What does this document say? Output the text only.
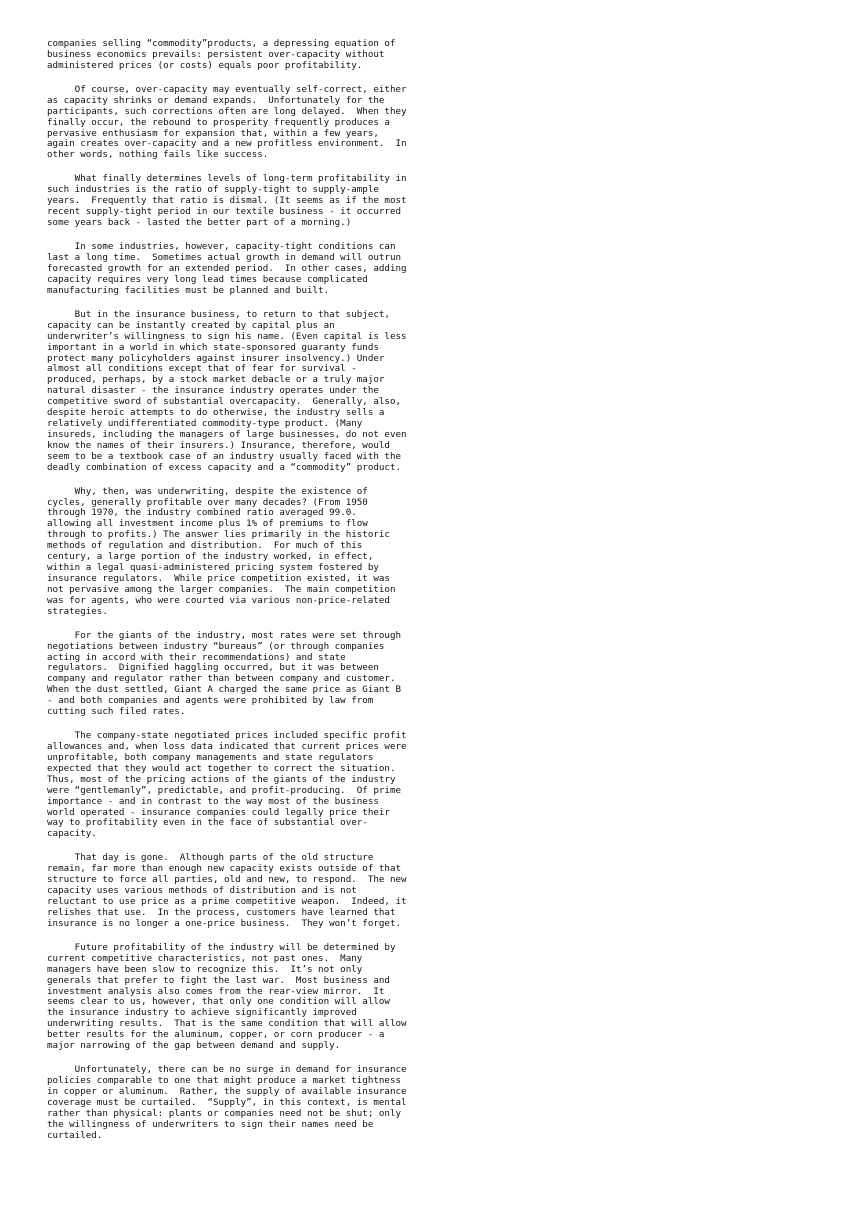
companies selling “commodity”products, a depressing equation of
business economics prevails: persistent over-capacity without
administered prices (or costs) equals poor profitability.

Of course, over-capacity may eventually self-correct, either
as capacity shrinks or demand expands.  Unfortunately for the
participants, such corrections often are long delayed.  When they
finally occur, the rebound to prosperity frequently produces a
pervasive enthusiasm for expansion that, within a few years,
again creates over-capacity and a new profitless environment.  In
other words, nothing fails like success.

What finally determines levels of long-term profitability in
such industries is the ratio of supply-tight to supply-ample
years.  Frequently that ratio is dismal. (It seems as if the most
recent supply-tight period in our textile business - it occurred
some years back - lasted the better part of a morning.)

In some industries, however, capacity-tight conditions can
last a long time.  Sometimes actual growth in demand will outrun
forecasted growth for an extended period.  In other cases, adding
capacity requires very long lead times because complicated
manufacturing facilities must be planned and built.

But in the insurance business, to return to that subject,
capacity can be instantly created by capital plus an
underwriter’s willingness to sign his name. (Even capital is less
important in a world in which state-sponsored guaranty funds
protect many policyholders against insurer insolvency.) Under
almost all conditions except that of fear for survival -
produced, perhaps, by a stock market debacle or a truly major
natural disaster - the insurance industry operates under the
competitive sword of substantial overcapacity.  Generally, also,
despite heroic attempts to do otherwise, the industry sells a
relatively undifferentiated commodity-type product. (Many
insureds, including the managers of large businesses, do not even
know the names of their insurers.) Insurance, therefore, would
seem to be a textbook case of an industry usually faced with the
deadly combination of excess capacity and a “commodity” product.

Why, then, was underwriting, despite the existence of
cycles, generally profitable over many decades? (From 1950
through 1970, the industry combined ratio averaged 99.0.
allowing all investment income plus 1% of premiums to flow
through to profits.) The answer lies primarily in the historic
methods of regulation and distribution.  For much of this
century, a large portion of the industry worked, in effect,
within a legal quasi-administered pricing system fostered by
insurance regulators.  While price competition existed, it was
not pervasive among the larger companies.  The main competition
was for agents, who were courted via various non-price-related
strategies.

For the giants of the industry, most rates were set through
negotiations between industry “bureaus” (or through companies
acting in accord with their recommendations) and state
regulators.  Dignified haggling occurred, but it was between
company and regulator rather than between company and customer.
When the dust settled, Giant A charged the same price as Giant B
- and both companies and agents were prohibited by law from
cutting such filed rates.

The company-state negotiated prices included specific profit
allowances and, when loss data indicated that current prices were
unprofitable, both company managements and state regulators
expected that they would act together to correct the situation.
Thus, most of the pricing actions of the giants of the industry
were “gentlemanly”, predictable, and profit-producing.  Of prime
importance - and in contrast to the way most of the business
world operated - insurance companies could legally price their
way to profitability even in the face of substantial over-
capacity.

That day is gone.  Although parts of the old structure
remain, far more than enough new capacity exists outside of that
structure to force all parties, old and new, to respond.  The new
capacity uses various methods of distribution and is not
reluctant to use price as a prime competitive weapon.  Indeed, it
relishes that use.  In the process, customers have learned that
insurance is no longer a one-price business.  They won’t forget.

Future profitability of the industry will be determined by
current competitive characteristics, not past ones.  Many
managers have been slow to recognize this.  It’s not only
generals that prefer to fight the last war.  Most business and
investment analysis also comes from the rear-view mirror.  It
seems clear to us, however, that only one condition will allow
the insurance industry to achieve significantly improved
underwriting results.  That is the same condition that will allow
better results for the aluminum, copper, or corn producer - a
major narrowing of the gap between demand and supply.

Unfortunately, there can be no surge in demand for insurance
policies comparable to one that might produce a market tightness
in copper or aluminum.  Rather, the supply of available insurance
coverage must be curtailed.  “Supply”, in this context, is mental
rather than physical: plants or companies need not be shut; only
the willingness of underwriters to sign their names need be
curtailed.
